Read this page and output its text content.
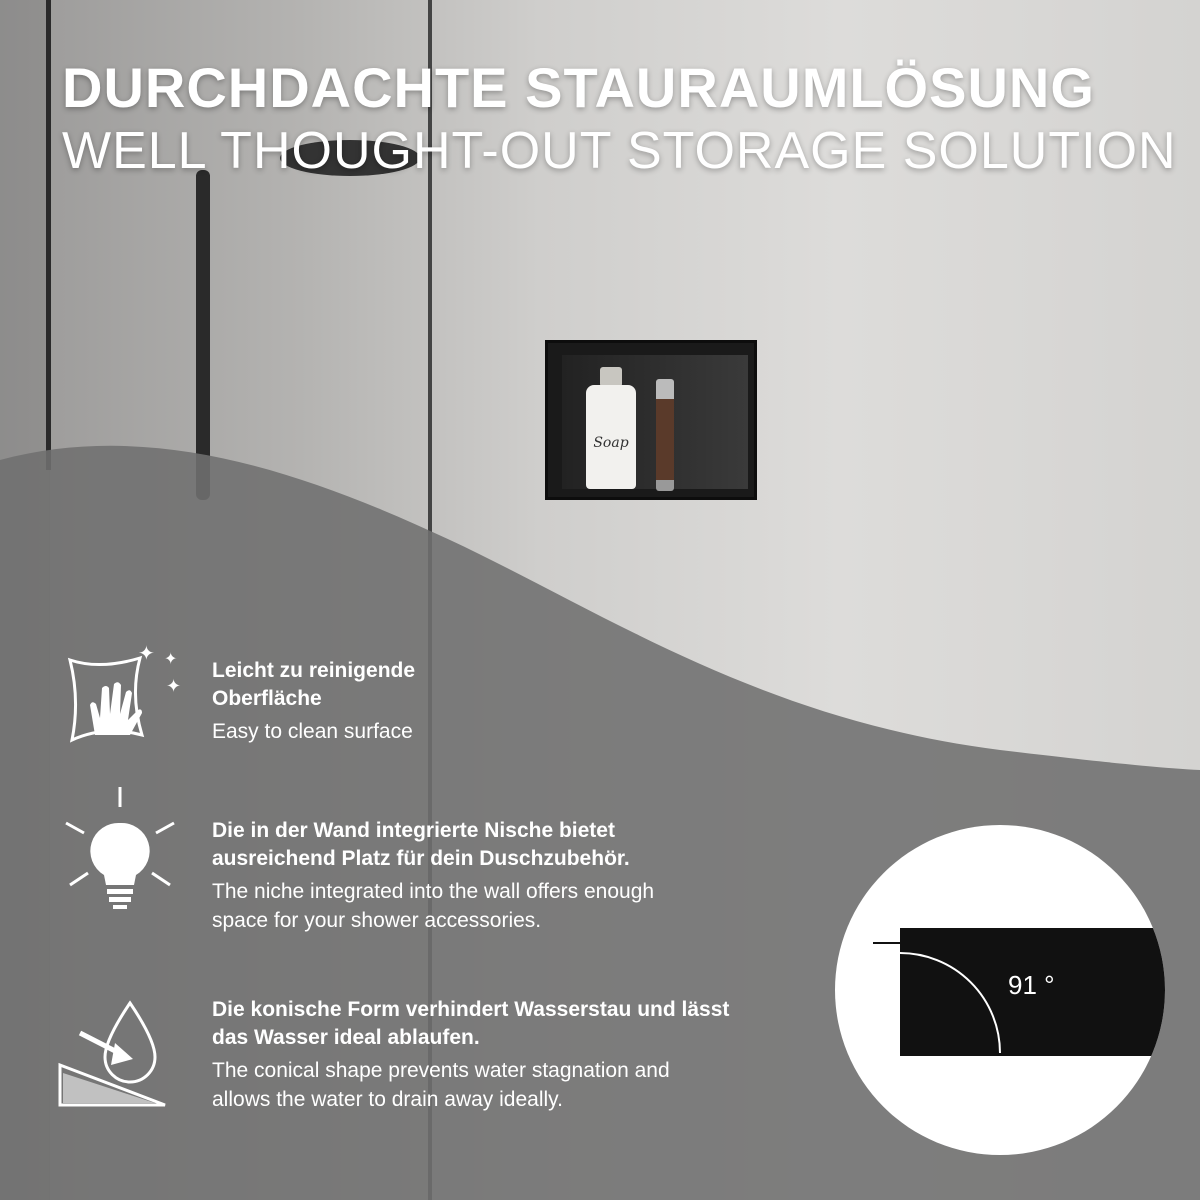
Soap
DURCHDACHTE STAURAUMLÖSUNG
WELL THOUGHT-OUT STORAGE SOLUTION
✦ ✦
✦
Leicht zu reinigende Oberfläche
Easy to clean surface
Die in der Wand integrierte Nische bietet ausreichend Platz für dein Duschzubehör.
The niche integrated into the wall offers enough space for your shower accessories.
Die konische Form verhindert Wasserstau und lässt das Wasser ideal ablaufen.
The conical shape prevents water stagnation and allows the water to drain away ideally.
91 °
